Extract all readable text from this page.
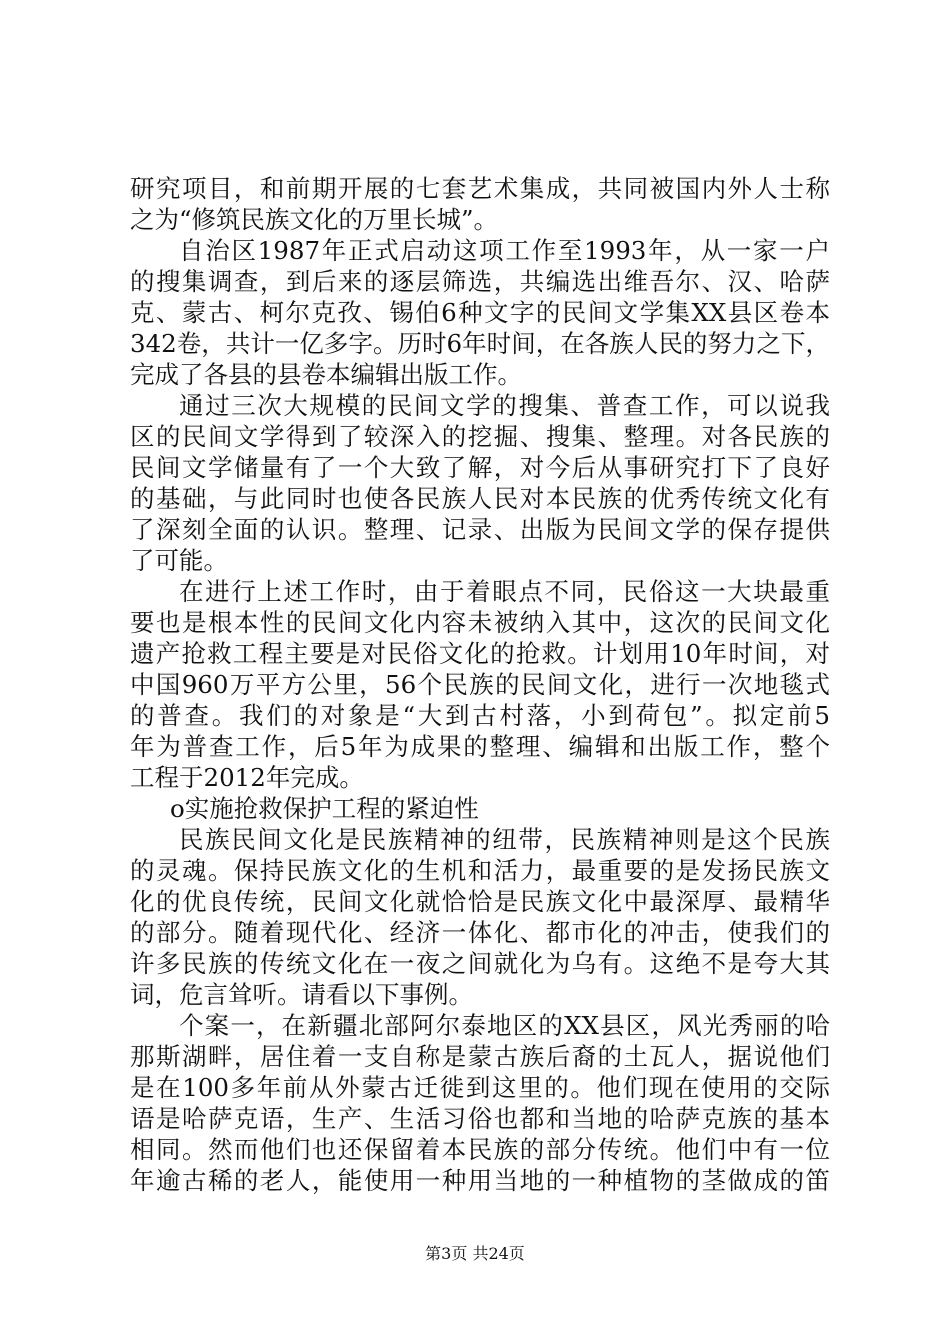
研究项目，和前期开展的七套艺术集成，共同被国内外人士称
之为“修筑民族文化的万里长城”。
自治区1987年正式启动这项工作至1993年，从一家一户
的搜集调查，到后来的逐层筛选，共编选出维吾尔、汉、哈萨
克、蒙古、柯尔克孜、锡伯6种文字的民间文学集XX县区卷本
342卷，共计一亿多字。历时6年时间，在各族人民的努力之下，
完成了各县的县卷本编辑出版工作。
通过三次大规模的民间文学的搜集、普查工作，可以说我
区的民间文学得到了较深入的挖掘、搜集、整理。对各民族的
民间文学储量有了一个大致了解，对今后从事研究打下了良好
的基础，与此同时也使各民族人民对本民族的优秀传统文化有
了深刻全面的认识。整理、记录、出版为民间文学的保存提供
了可能。
在进行上述工作时，由于着眼点不同，民俗这一大块最重
要也是根本性的民间文化内容未被纳入其中，这次的民间文化
遗产抢救工程主要是对民俗文化的抢救。计划用10年时间，对
中国960万平方公里，56个民族的民间文化，进行一次地毯式
的普查。我们的对象是“大到古村落，小到荷包”。拟定前5
年为普查工作，后5年为成果的整理、编辑和出版工作，整个
工程于2012年完成。
o实施抢救保护工程的紧迫性
民族民间文化是民族精神的纽带，民族精神则是这个民族
的灵魂。保持民族文化的生机和活力，最重要的是发扬民族文
化的优良传统，民间文化就恰恰是民族文化中最深厚、最精华
的部分。随着现代化、经济一体化、都市化的冲击，使我们的
许多民族的传统文化在一夜之间就化为乌有。这绝不是夸大其
词，危言耸听。请看以下事例。
个案一，在新疆北部阿尔泰地区的XX县区，风光秀丽的哈
那斯湖畔，居住着一支自称是蒙古族后裔的土瓦人，据说他们
是在100多年前从外蒙古迁徙到这里的。他们现在使用的交际
语是哈萨克语，生产、生活习俗也都和当地的哈萨克族的基本
相同。然而他们也还保留着本民族的部分传统。他们中有一位
年逾古稀的老人，能使用一种用当地的一种植物的茎做成的笛
第3页 共24页
